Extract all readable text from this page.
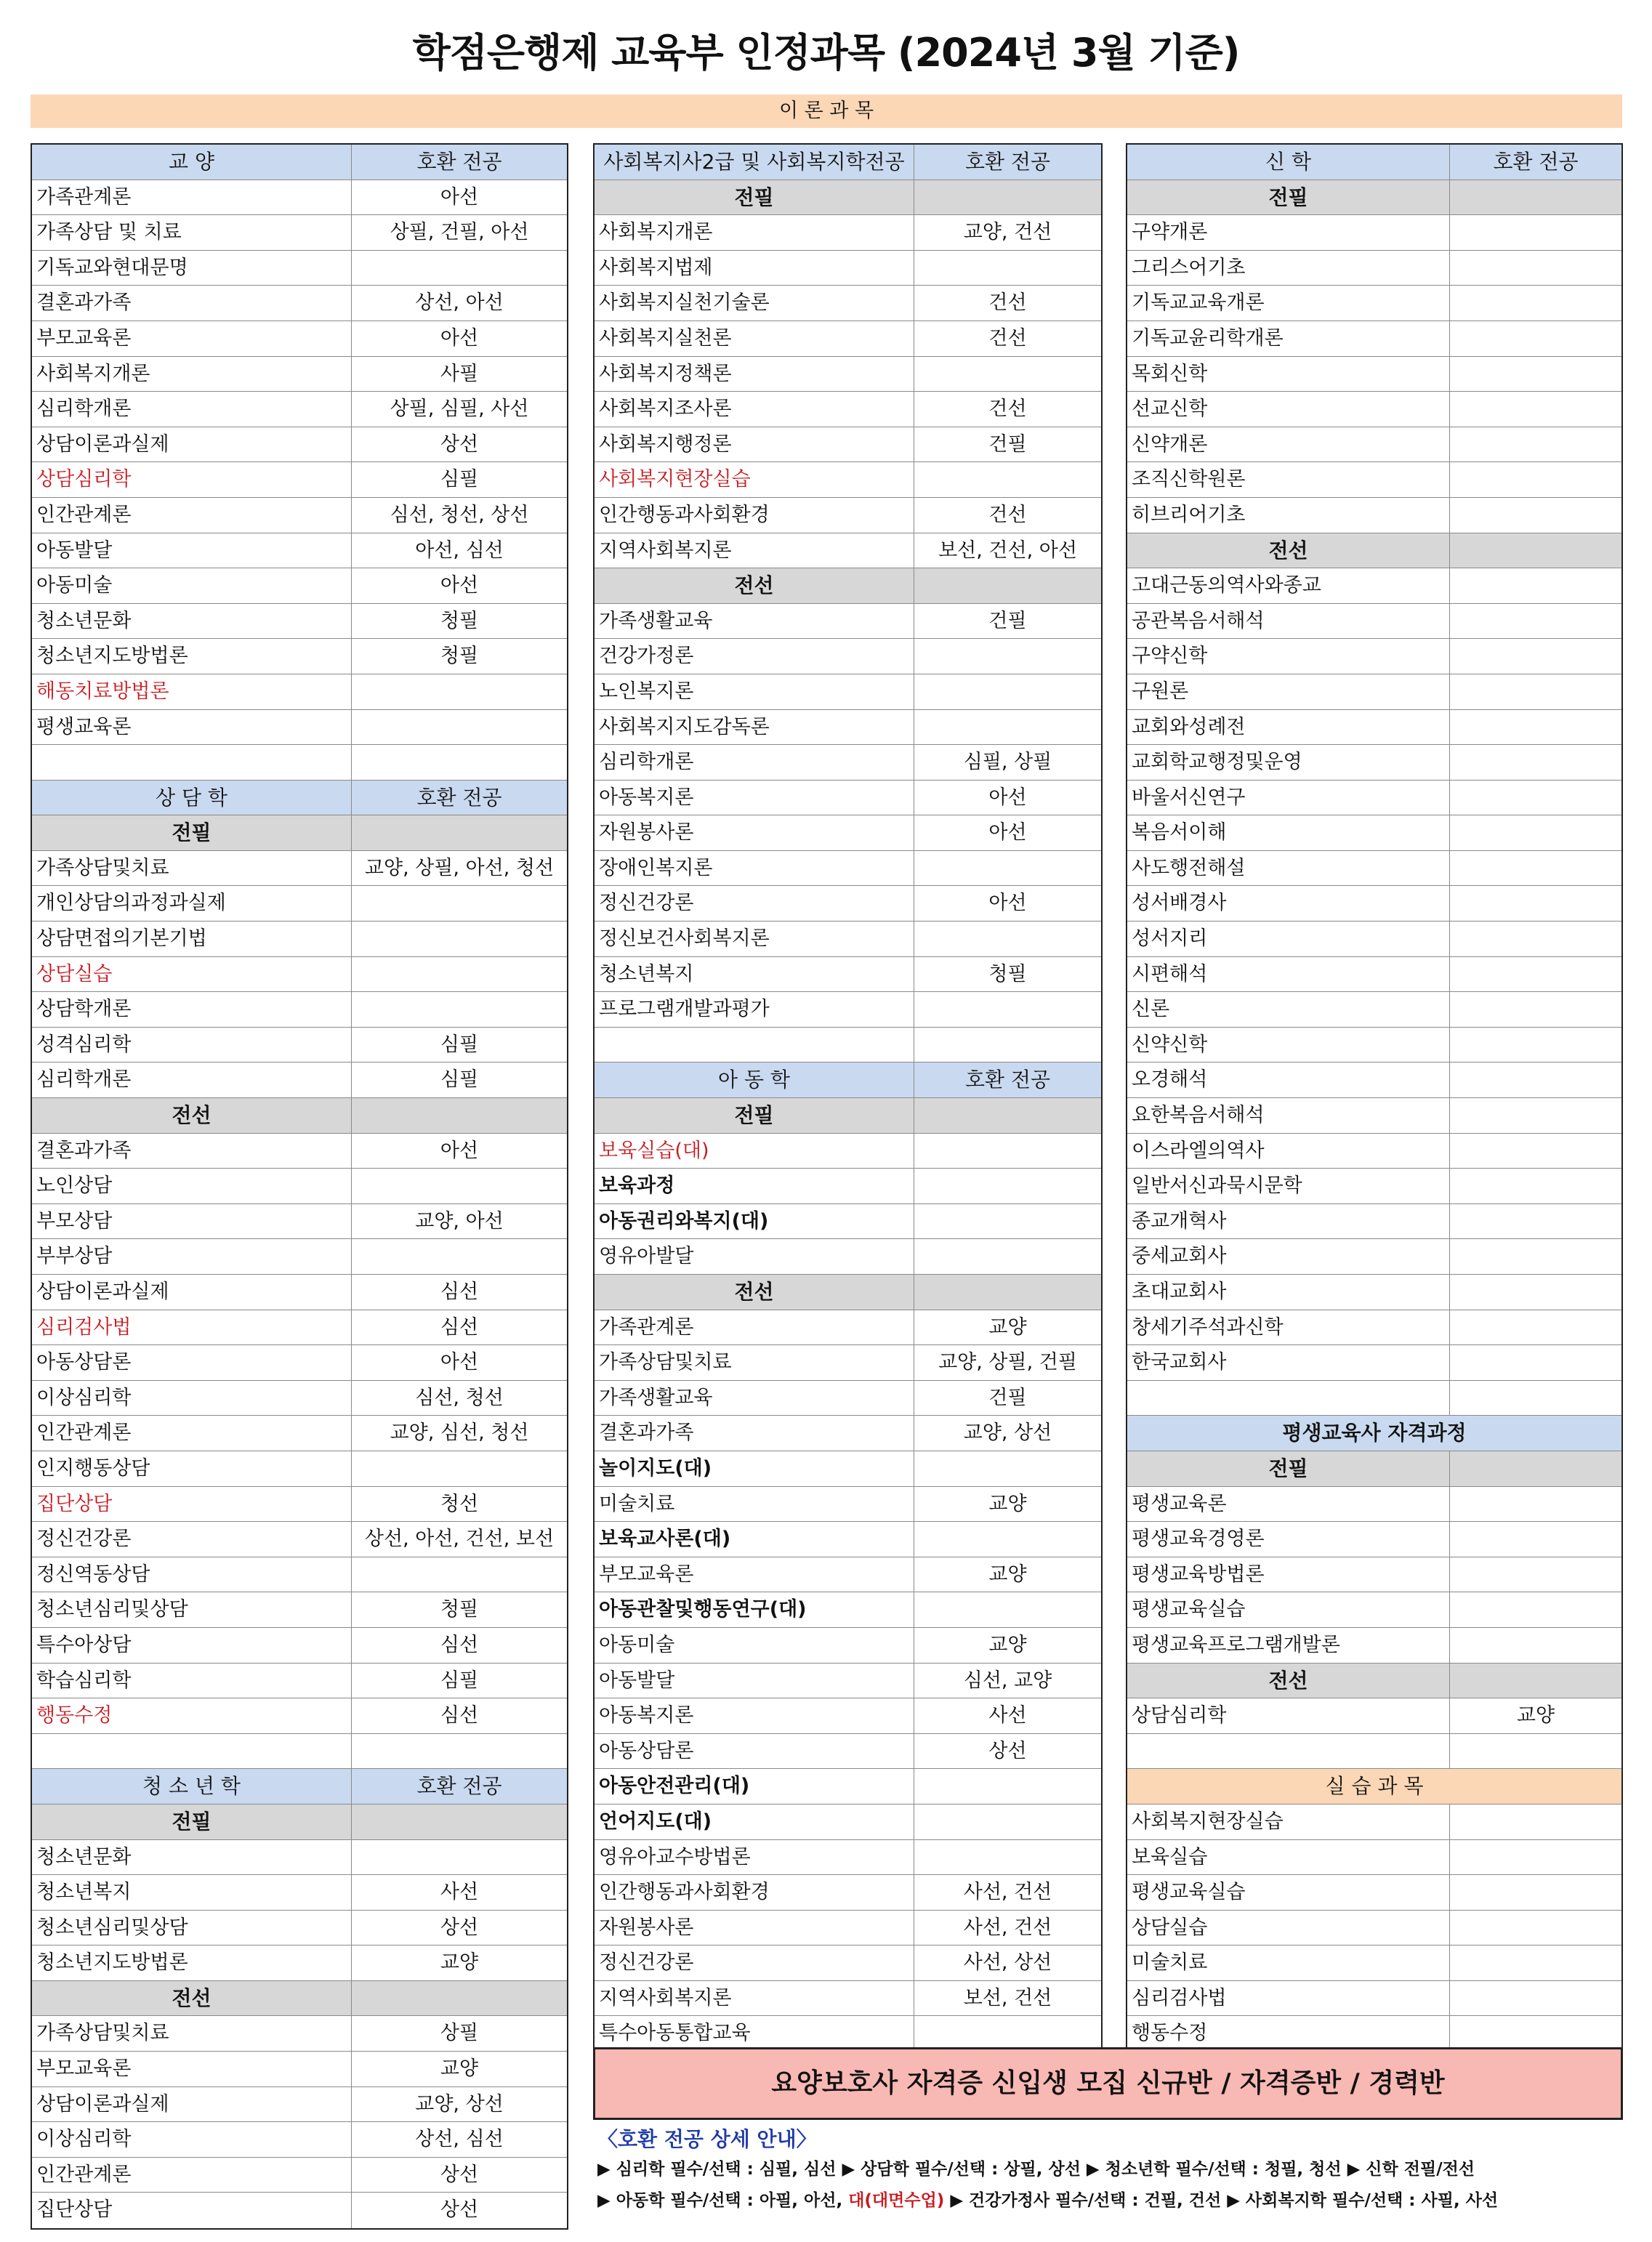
학점은행제 교육부 인정과목 (2024년 3월 기준)
이 론 과 목
교 양	호환 전공
가족관계론	아선
가족상담 및 치료	상필, 건필, 아선
기독교와현대문명
결혼과가족	상선, 아선
부모교육론	아선
사회복지개론	사필
심리학개론	상필, 심필, 사선
상담이론과실제	상선
상담심리학	심필
인간관계론	심선, 청선, 상선
아동발달	아선, 심선
아동미술	아선
청소년문화	청필
청소년지도방법론	청필
해동치료방법론
평생교육론
상 담 학	호환 전공
전필
가족상담및치료	교양, 상필, 아선, 청선
개인상담의과정과실제
상담면접의기본기법
상담실습
상담학개론
성격심리학	심필
심리학개론	심필
전선
결혼과가족	아선
노인상담
부모상담	교양, 아선
부부상담
상담이론과실제	심선
심리검사법	심선
아동상담론	아선
이상심리학	심선, 청선
인간관계론	교양, 심선, 청선
인지행동상담
집단상담	청선
정신건강론	상선, 아선, 건선, 보선
정신역동상담
청소년심리및상담	청필
특수아상담	심선
학습심리학	심필
행동수정	심선
청 소 년 학	호환 전공
전필
청소년문화
청소년복지	사선
청소년심리및상담	상선
청소년지도방법론	교양
전선
가족상담및치료	상필
부모교육론	교양
상담이론과실제	교양, 상선
이상심리학	상선, 심선
인간관계론	상선
집단상담	상선
사회복지사2급 및 사회복지학전공	호환 전공
전필
사회복지개론	교양, 건선
사회복지법제
사회복지실천기술론	건선
사회복지실천론	건선
사회복지정책론
사회복지조사론	건선
사회복지행정론	건필
사회복지현장실습
인간행동과사회환경	건선
지역사회복지론	보선, 건선, 아선
전선
가족생활교육	건필
건강가정론
노인복지론
사회복지지도감독론
심리학개론	심필, 상필
아동복지론	아선
자원봉사론	아선
장애인복지론
정신건강론	아선
정신보건사회복지론
청소년복지	청필
프로그램개발과평가
아 동 학	호환 전공
전필
보육실습(대)
보육과정
아동권리와복지(대)
영유아발달
전선
가족관계론	교양
가족상담및치료	교양, 상필, 건필
가족생활교육	건필
결혼과가족	교양, 상선
놀이지도(대)
미술치료	교양
보육교사론(대)
부모교육론	교양
아동관찰및행동연구(대)
아동미술	교양
아동발달	심선, 교양
아동복지론	사선
아동상담론	상선
아동안전관리(대)
언어지도(대)
영유아교수방법론
인간행동과사회환경	사선, 건선
자원봉사론	사선, 건선
정신건강론	사선, 상선
지역사회복지론	보선, 건선
특수아동통합교육
신 학	호환 전공
전필
구약개론
그리스어기초
기독교교육개론
기독교윤리학개론
목회신학
선교신학
신약개론
조직신학원론
히브리어기초
전선
고대근동의역사와종교
공관복음서해석
구약신학
구원론
교회와성례전
교회학교행정및운영
바울서신연구
복음서이해
사도행전해설
성서배경사
성서지리
시편해석
신론
신약신학
오경해석
요한복음서해석
이스라엘의역사
일반서신과묵시문학
종교개혁사
중세교회사
초대교회사
창세기주석과신학
한국교회사
평생교육사 자격과정
전필
평생교육론
평생교육경영론
평생교육방법론
평생교육실습
평생교육프로그램개발론
전선
상담심리학	교양
실 습 과 목
사회복지현장실습
보육실습
평생교육실습
상담실습
미술치료
심리검사법
행동수정
요양보호사 자격증 신입생 모집 신규반 / 자격증반 / 경력반
〈호환 전공 상세 안내〉
▶ 심리학 필수/선택 : 심필, 심선 ▶ 상담학 필수/선택 : 상필, 상선 ▶ 청소년학 필수/선택 : 청필, 청선 ▶ 신학 전필/전선
▶ 아동학 필수/선택 : 아필, 아선, 대(대면수업) ▶ 건강가정사 필수/선택 : 건필, 건선 ▶ 사회복지학 필수/선택 : 사필, 사선
